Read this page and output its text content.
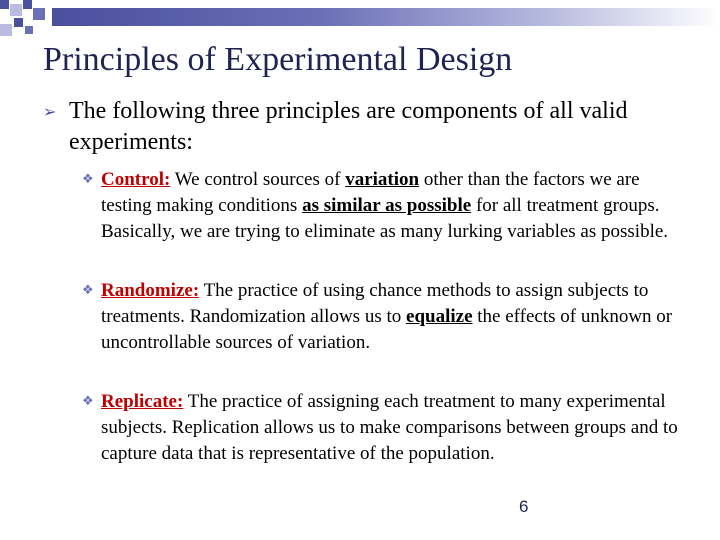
Principles of Experimental Design
➢ The following three principles are components of all valid experiments:
❖ Control: We control sources of variation other than the factors we are testing making conditions as similar as possible for all treatment groups. Basically, we are trying to eliminate as many lurking variables as possible.
❖ Randomize: The practice of using chance methods to assign subjects to treatments. Randomization allows us to equalize the effects of unknown or uncontrollable sources of variation.
❖ Replicate: The practice of assigning each treatment to many experimental subjects. Replication allows us to make comparisons between groups and to capture data that is representative of the population.
6
